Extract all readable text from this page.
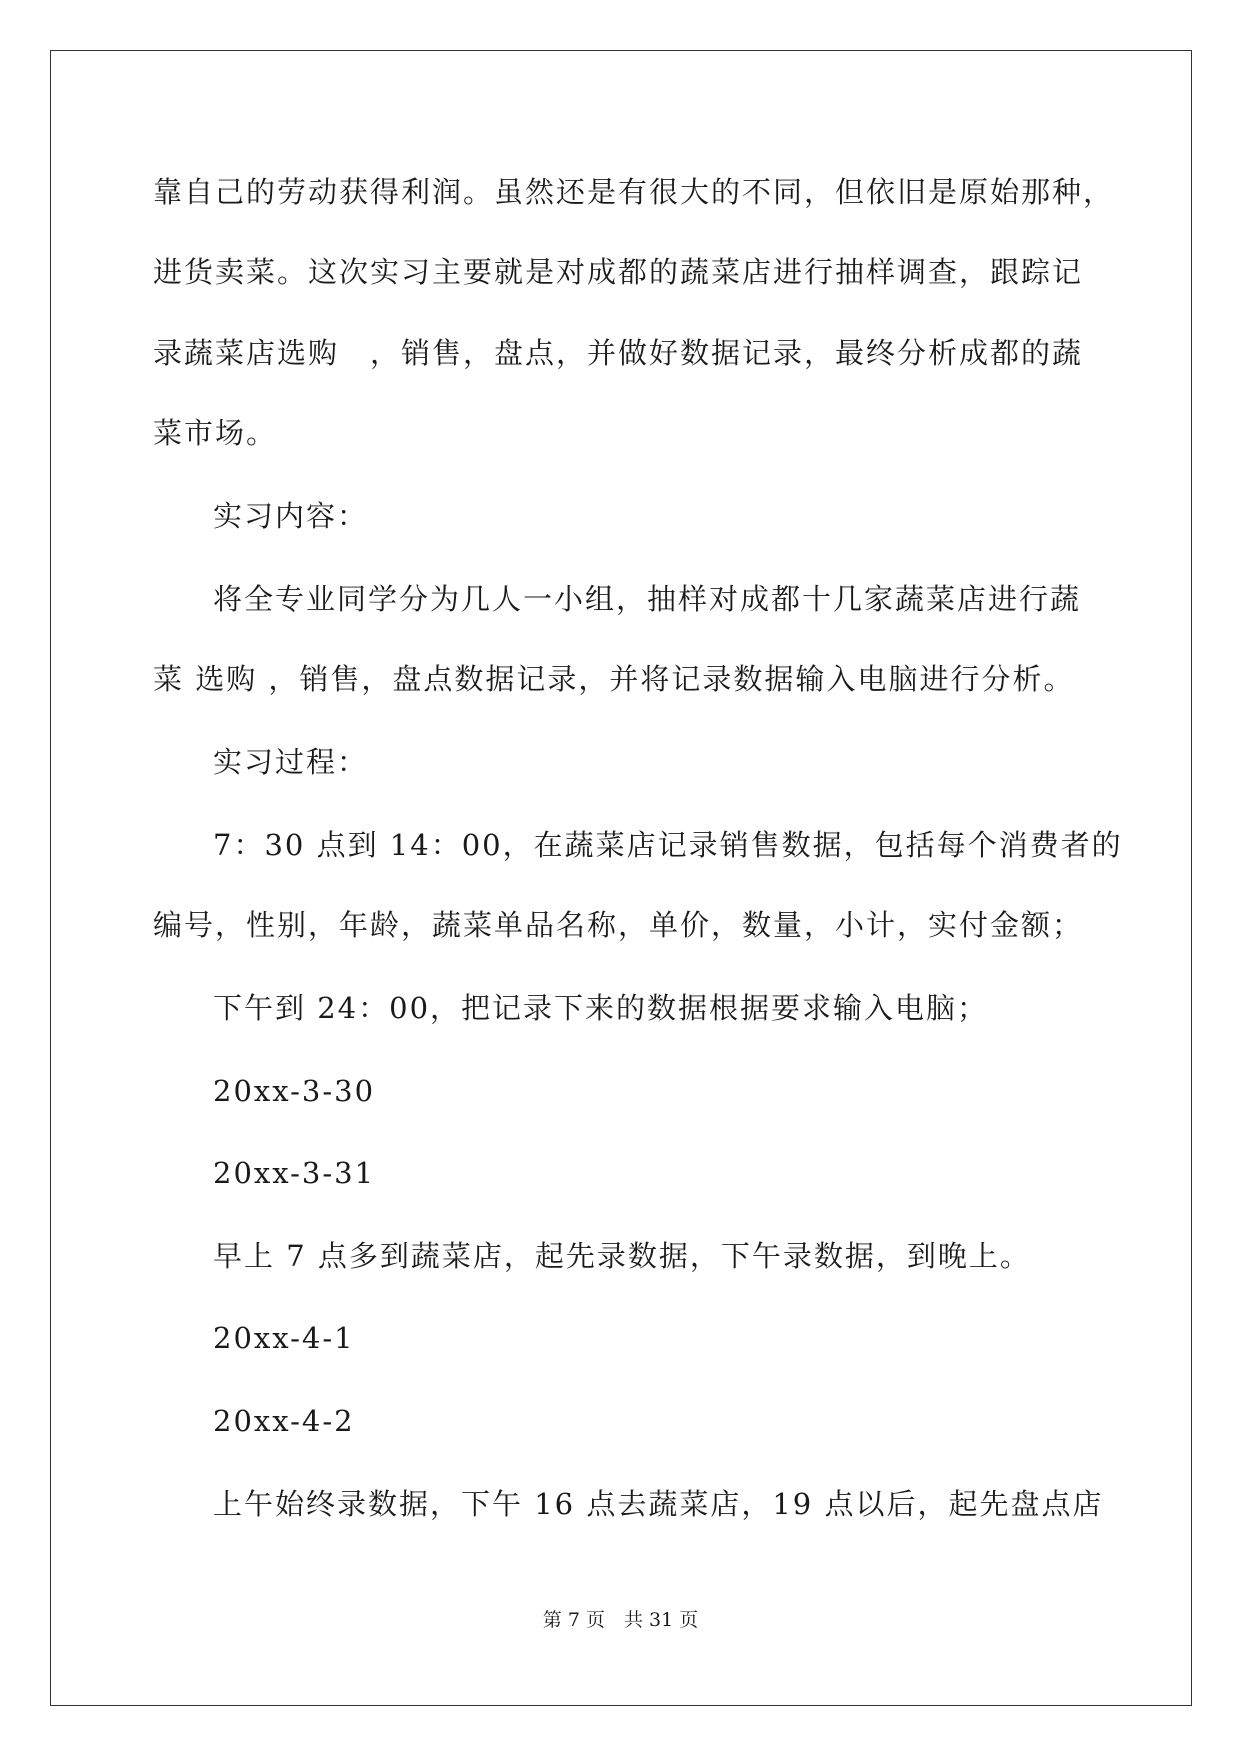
靠自己的劳动获得利润。虽然还是有很大的不同，但依旧是原始那种，
进货卖菜。这次实习主要就是对成都的蔬菜店进行抽样调查，跟踪记
录蔬菜店选购　，销售，盘点，并做好数据记录，最终分析成都的蔬
菜市场。
实习内容：
将全专业同学分为几人一小组，抽样对成都十几家蔬菜店进行蔬
菜 选购 ，销售，盘点数据记录，并将记录数据输入电脑进行分析。
实习过程：
7：30 点到 14：00，在蔬菜店记录销售数据，包括每个消费者的
编号，性别，年龄，蔬菜单品名称，单价，数量，小计，实付金额；
下午到 24：00，把记录下来的数据根据要求输入电脑；
20xx-3-30
20xx-3-31
早上 7 点多到蔬菜店，起先录数据，下午录数据，到晚上。
20xx-4-1
20xx-4-2
上午始终录数据，下午 16 点去蔬菜店，19 点以后，起先盘点店
第 7 页　共 31 页
